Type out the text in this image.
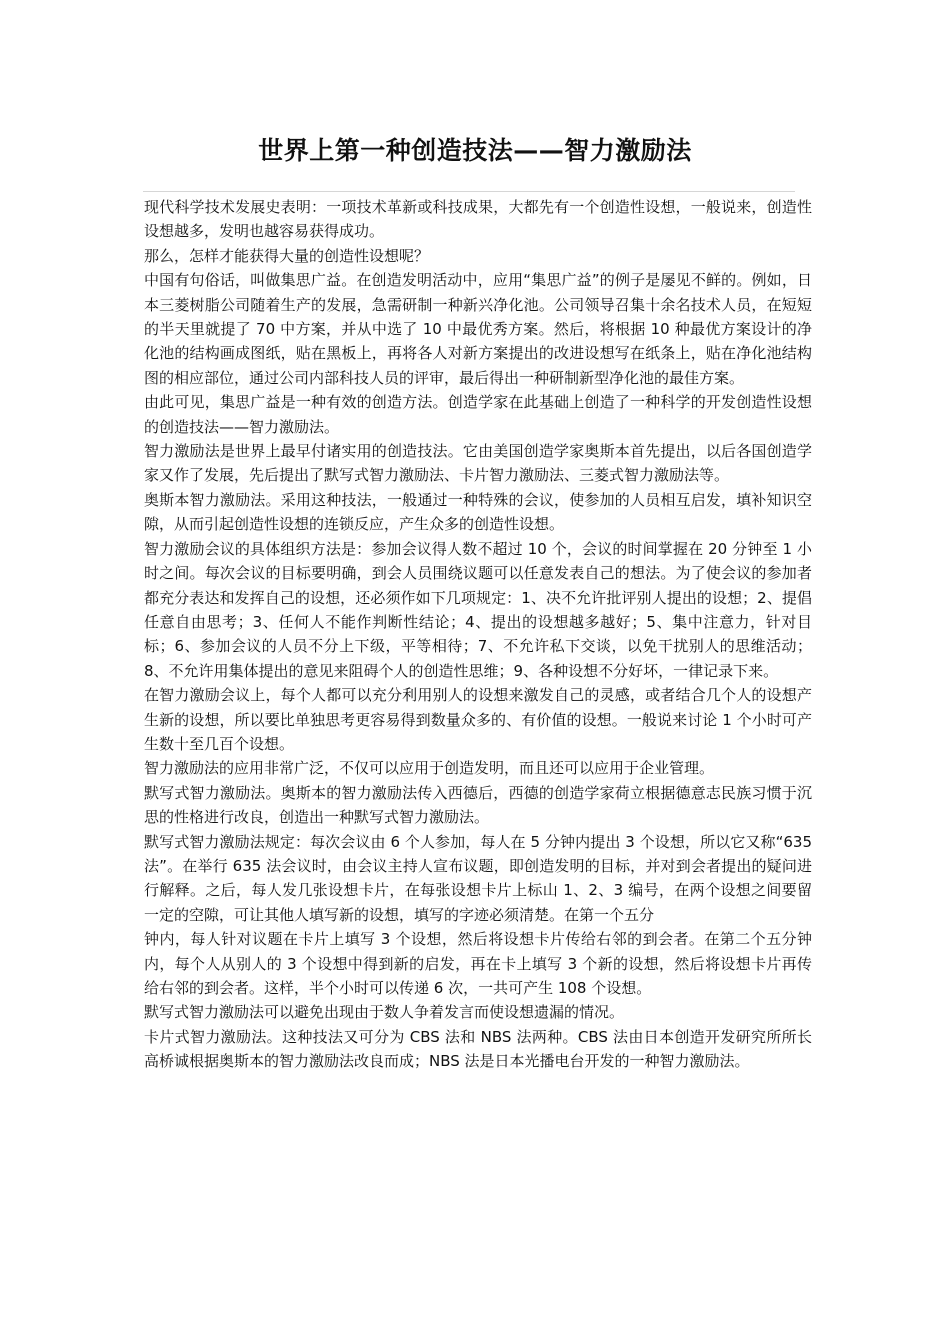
世界上第一种创造技法——智力激励法

现代科学技术发展史表明：一项技术革新或科技成果，大都先有一个创造性设想，一般说来，创造性设想越多，发明也越容易获得成功。

那么，怎样才能获得大量的创造性设想呢？

中国有句俗话，叫做集思广益。在创造发明活动中，应用“集思广益”的例子是屡见不鲜的。例如，日本三菱树脂公司随着生产的发展，急需研制一种新兴净化池。公司领导召集十余名技术人员，在短短的半天里就提了 70 中方案，并从中选了 10 中最优秀方案。然后，将根据 10 种最优方案设计的净化池的结构画成图纸，贴在黑板上，再将各人对新方案提出的改进设想写在纸条上，贴在净化池结构图的相应部位，通过公司内部科技人员的评审，最后得出一种研制新型净化池的最佳方案。

由此可见，集思广益是一种有效的创造方法。创造学家在此基础上创造了一种科学的开发创造性设想的创造技法——智力激励法。

智力激励法是世界上最早付诸实用的创造技法。它由美国创造学家奥斯本首先提出，以后各国创造学家又作了发展，先后提出了默写式智力激励法、卡片智力激励法、三菱式智力激励法等。

奥斯本智力激励法。采用这种技法，一般通过一种特殊的会议，使参加的人员相互启发，填补知识空隙，从而引起创造性设想的连锁反应，产生众多的创造性设想。

智力激励会议的具体组织方法是：参加会议得人数不超过 10 个，会议的时间掌握在 20 分钟至 1 小时之间。每次会议的目标要明确，到会人员围绕议题可以任意发表自己的想法。为了使会议的参加者都充分表达和发挥自己的设想，还必须作如下几项规定：1、决不允许批评别人提出的设想；2、提倡任意自由思考；3、任何人不能作判断性结论；4、提出的设想越多越好；5、集中注意力，针对目标；6、参加会议的人员不分上下级，平等相待；7、不允许私下交谈，以免干扰别人的思维活动；8、不允许用集体提出的意见来阻碍个人的创造性思维；9、各种设想不分好坏，一律记录下来。

在智力激励会议上，每个人都可以充分利用别人的设想来激发自己的灵感，或者结合几个人的设想产生新的设想，所以要比单独思考更容易得到数量众多的、有价值的设想。一般说来讨论 1 个小时可产生数十至几百个设想。

智力激励法的应用非常广泛，不仅可以应用于创造发明，而且还可以应用于企业管理。

默写式智力激励法。奥斯本的智力激励法传入西德后，西德的创造学家荷立根据德意志民族习惯于沉思的性格进行改良，创造出一种默写式智力激励法。

默写式智力激励法规定：每次会议由 6 个人参加，每人在 5 分钟内提出 3 个设想，所以它又称“635 法”。在举行 635 法会议时，由会议主持人宣布议题，即创造发明的目标，并对到会者提出的疑问进行解释。之后，每人发几张设想卡片，在每张设想卡片上标山 1、2、3 编号，在两个设想之间要留一定的空隙，可让其他人填写新的设想，填写的字迹必须清楚。在第一个五分

钟内，每人针对议题在卡片上填写 3 个设想，然后将设想卡片传给右邻的到会者。在第二个五分钟内，每个人从别人的 3 个设想中得到新的启发，再在卡上填写 3 个新的设想，然后将设想卡片再传给右邻的到会者。这样，半个小时可以传递 6 次，一共可产生 108 个设想。

默写式智力激励法可以避免出现由于数人争着发言而使设想遗漏的情况。

卡片式智力激励法。这种技法又可分为 CBS 法和 NBS 法两种。CBS 法由日本创造开发研究所所长高桥诚根据奥斯本的智力激励法改良而成；NBS 法是日本光播电台开发的一种智力激励法。
